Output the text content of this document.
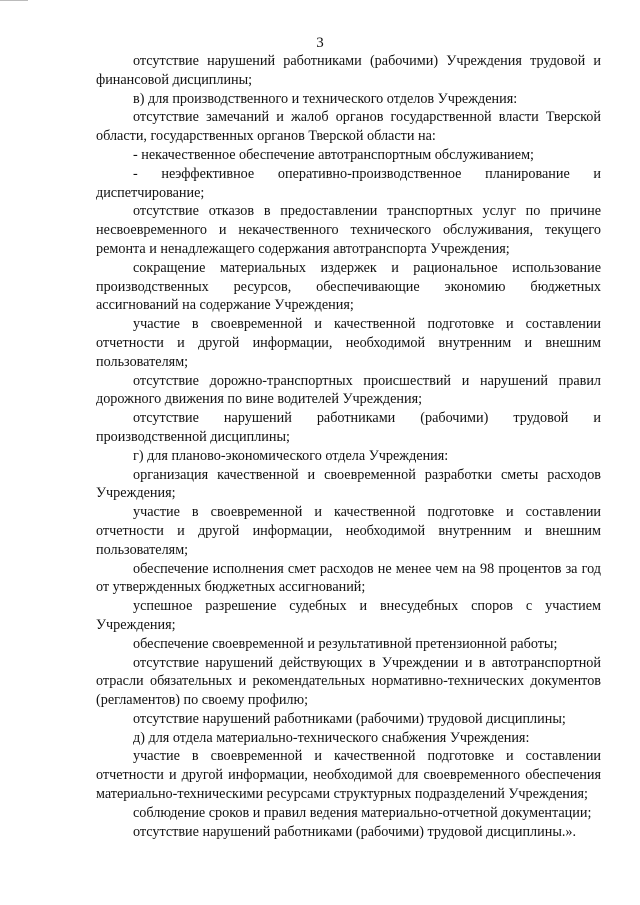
3

отсутствие нарушений работниками (рабочими) Учреждения трудовой и финансовой дисциплины;

в) для производственного и технического отделов Учреждения:

отсутствие замечаний и жалоб органов государственной власти Тверской области, государственных органов Тверской области на:

- некачественное обеспечение автотранспортным обслуживанием;

- неэффективное оперативно-производственное планирование и диспетчирование;

отсутствие отказов в предоставлении транспортных услуг по причине несвоевременного и некачественного технического обслуживания, текущего ремонта и ненадлежащего содержания автотранспорта Учреждения;

сокращение материальных издержек и рациональное использование производственных ресурсов, обеспечивающие экономию бюджетных ассигнований на содержание Учреждения;

участие в своевременной и качественной подготовке и составлении отчетности и другой информации, необходимой внутренним и внешним пользователям;

отсутствие дорожно-транспортных происшествий и нарушений правил дорожного движения по вине водителей Учреждения;

отсутствие нарушений работниками (рабочими) трудовой и производственной дисциплины;

г) для планово-экономического отдела Учреждения:

организация качественной и своевременной разработки сметы расходов Учреждения;

участие в своевременной и качественной подготовке и составлении отчетности и другой информации, необходимой внутренним и внешним пользователям;

обеспечение исполнения смет расходов не менее чем на 98 процентов за год от утвержденных бюджетных ассигнований;

успешное разрешение судебных и внесудебных споров с участием Учреждения;

обеспечение своевременной и результативной претензионной работы;

отсутствие нарушений действующих в Учреждении и в автотранспортной отрасли обязательных и рекомендательных нормативно-технических документов (регламентов) по своему профилю;

отсутствие нарушений работниками (рабочими) трудовой дисциплины;

д) для отдела материально-технического снабжения Учреждения:

участие в своевременной и качественной подготовке и составлении отчетности и другой информации, необходимой для своевременного обеспечения материально-техническими ресурсами структурных подразделений Учреждения;

соблюдение сроков и правил ведения материально-отчетной документации;

отсутствие нарушений работниками (рабочими) трудовой дисциплины.».
